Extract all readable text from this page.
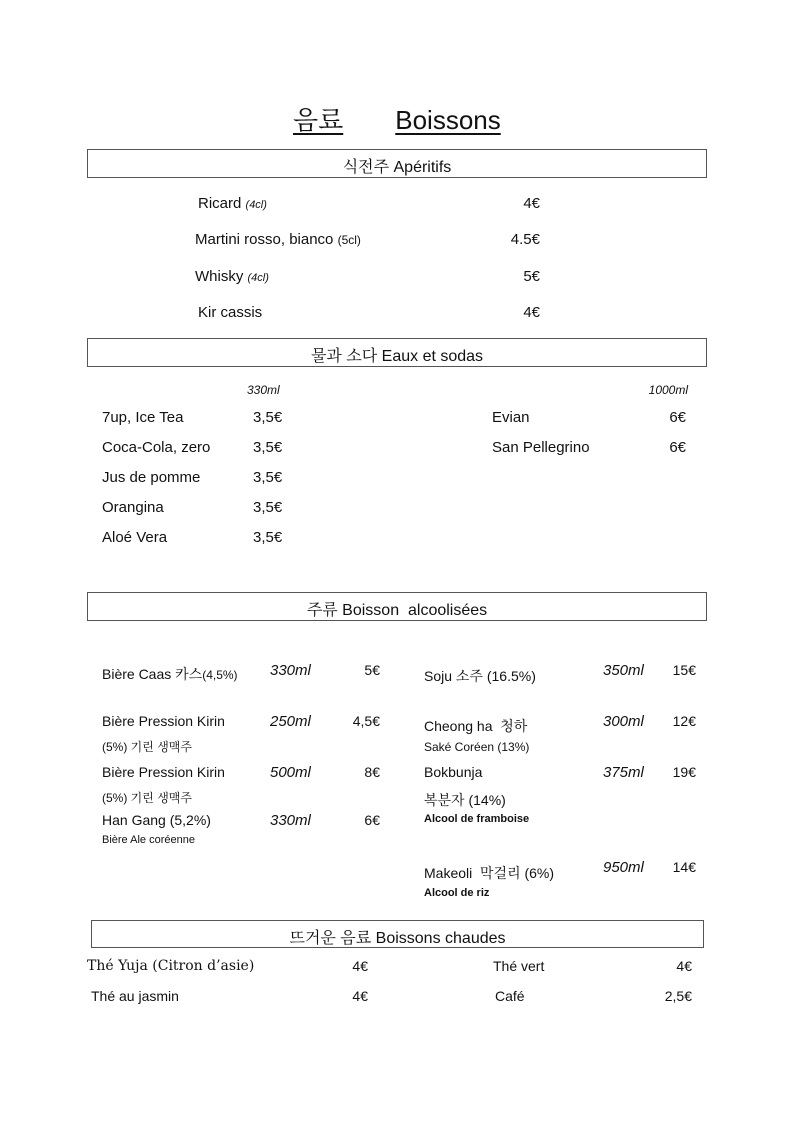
음료 Boissons
식전주 Apéritifs
Ricard (4cl)	4€
Martini rosso, bianco (5cl)	4.5€
Whisky (4cl)	5€
Kir cassis	4€
물과 소다 Eaux et sodas
330ml	1000ml
7up, Ice Tea	3,5€
Coca-Cola, zero	3,5€
Jus de pomme	3,5€
Orangina	3,5€
Aloé Vera	3,5€
Evian	6€
San Pellegrino	6€
주류 Boisson  alcoolisées
Bière Caas 카스(4,5%) 330ml	5€
Bière Pression Kirin
(5%) 기린 생맥주
250ml	4,5€
Bière Pression Kirin
(5%) 기린 생맥주
500ml	8€
Han Gang (5,2%)
Bière Ale coréenne
330ml	6€
Soju 소주 (16.5%)	350ml	15€
Cheong ha  청하
Saké Coréen (13%)
300ml	12€
Bokbunja
복분자 (14%)
Alcool de framboise
375ml	19€
Makeoli  막걸리 (6%)
Alcool de riz
950ml	14€
뜨거운 음료 Boissons chaudes
Thé Yuja (Citron d’asie)	4€
Thé au jasmin	4€
Thé vert	4€
Café	2,5€
